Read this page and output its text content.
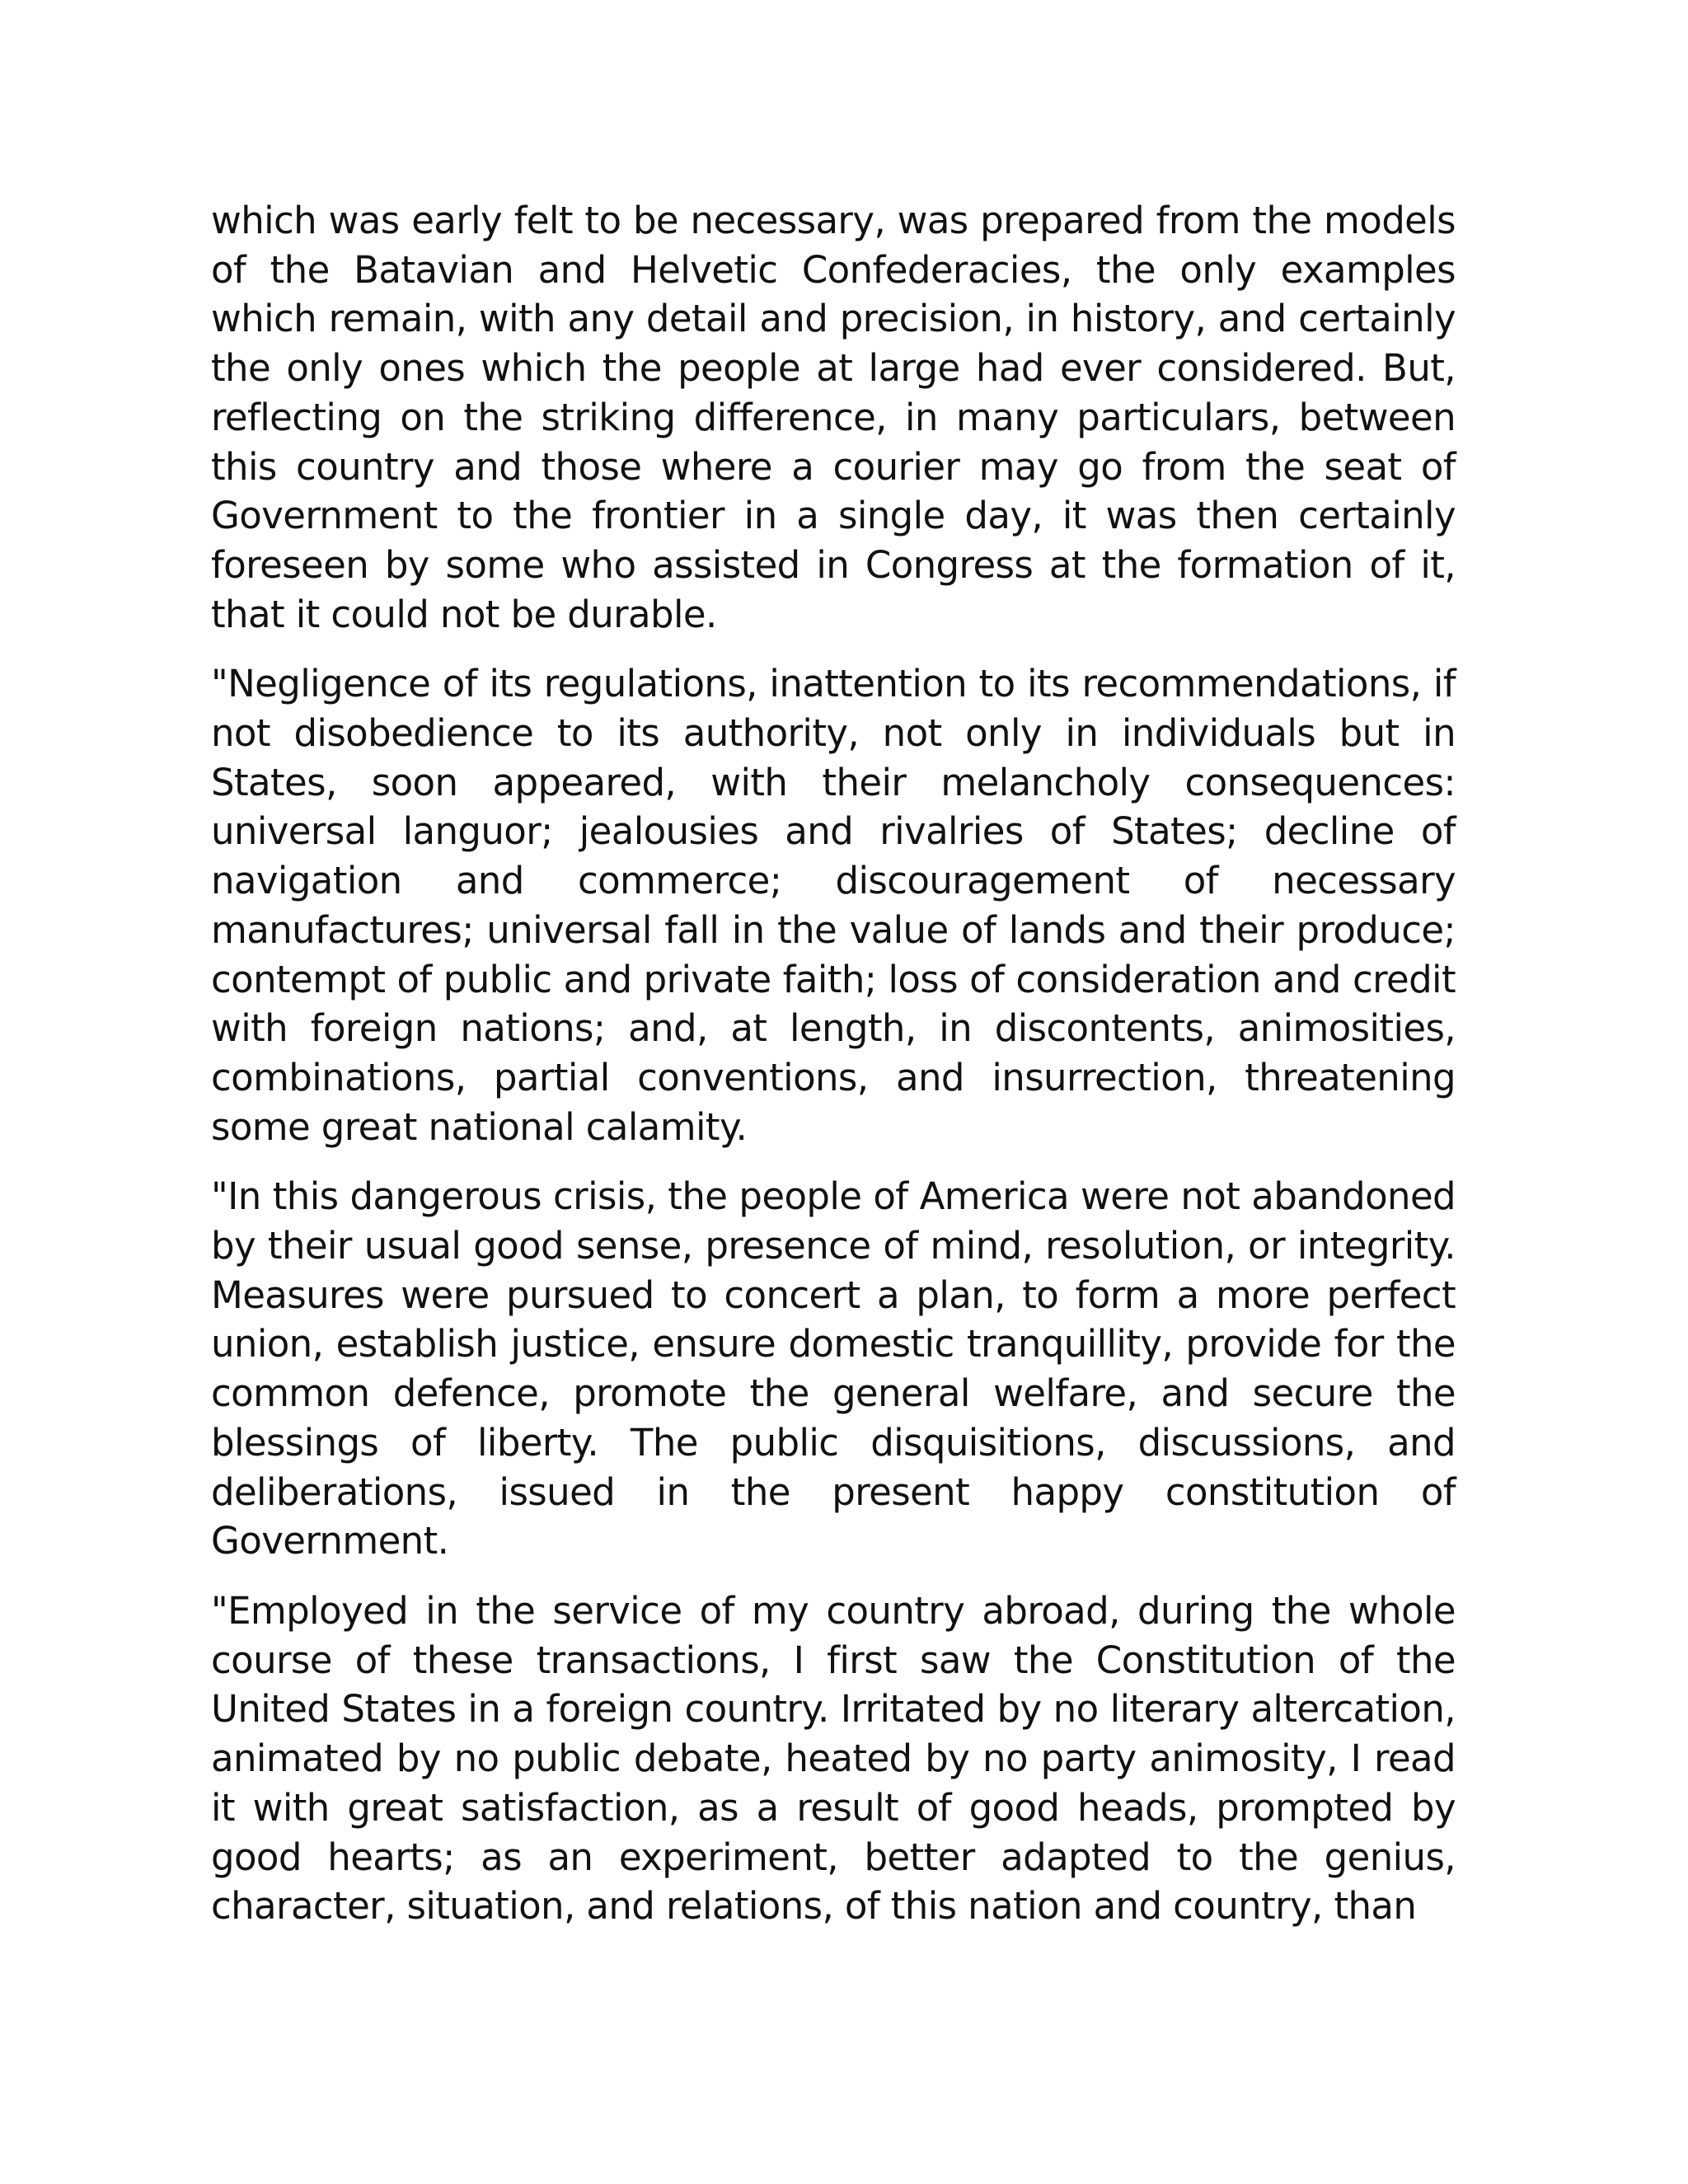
which was early felt to be necessary, was prepared from the models of the Batavian and Helvetic Confederacies, the only examples which remain, with any detail and precision, in history, and certainly the only ones which the people at large had ever considered. But, reflecting on the striking difference, in many particulars, between this country and those where a courier may go from the seat of Government to the frontier in a single day, it was then certainly foreseen by some who assisted in Congress at the formation of it, that it could not be durable.

"Negligence of its regulations, inattention to its recommendations, if not disobedience to its authority, not only in individuals but in States, soon appeared, with their melancholy consequences: universal languor; jealousies and rivalries of States; decline of navigation and commerce; discouragement of necessary manufactures; universal fall in the value of lands and their produce; contempt of public and private faith; loss of consideration and credit with foreign nations; and, at length, in discontents, animosities, combinations, partial conventions, and insurrection, threatening some great national calamity.

"In this dangerous crisis, the people of America were not abandoned by their usual good sense, presence of mind, resolution, or integrity. Measures were pursued to concert a plan, to form a more perfect union, establish justice, ensure domestic tranquillity, provide for the common defence, promote the general welfare, and secure the blessings of liberty. The public disquisitions, discussions, and deliberations, issued in the present happy constitution of Government.

"Employed in the service of my country abroad, during the whole course of these transactions, I first saw the Constitution of the United States in a foreign country. Irritated by no literary altercation, animated by no public debate, heated by no party animosity, I read it with great satisfaction, as a result of good heads, prompted by good hearts; as an experiment, better adapted to the genius, character, situation, and relations, of this nation and country, than
